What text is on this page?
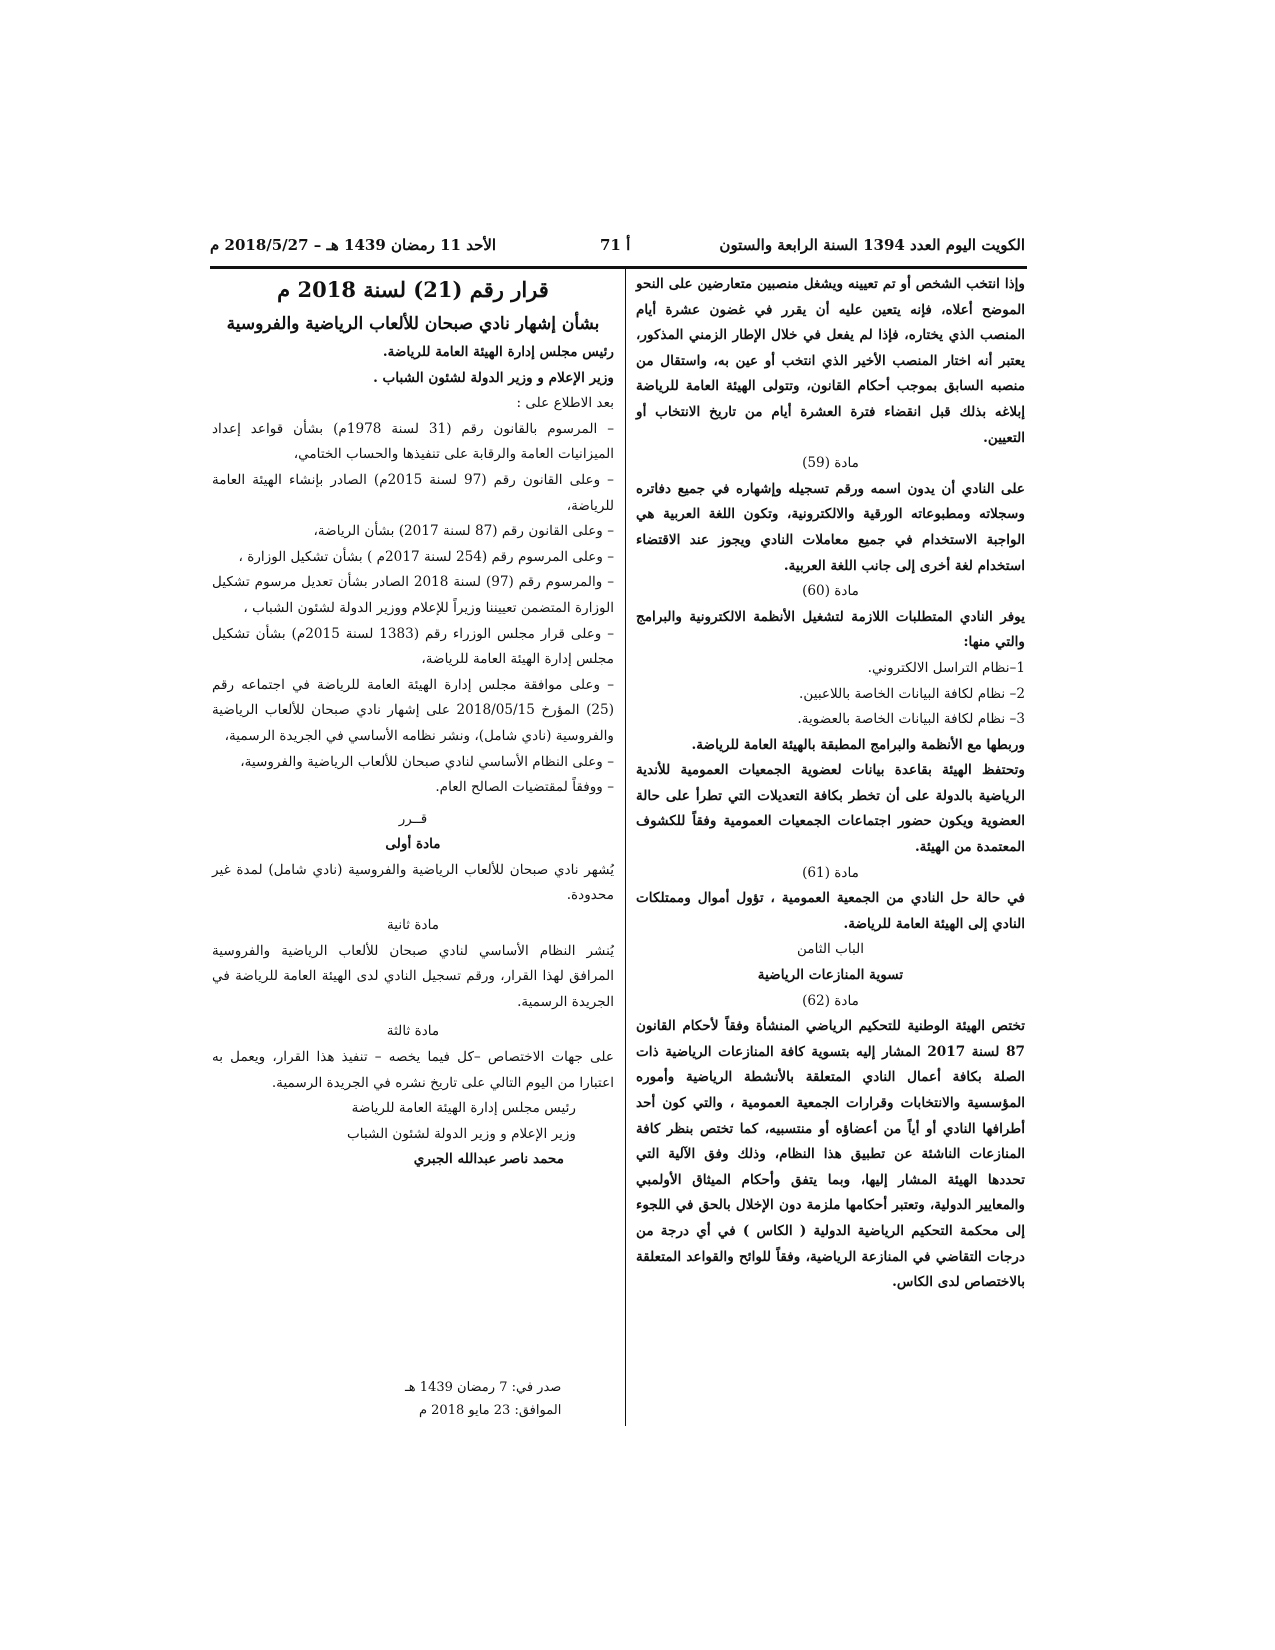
الكويت اليوم العدد 1394 السنة الرابعة والستون
أ 71
الأحد 11 رمضان 1439 هـ – 2018/5/27 م

وإذا انتخب الشخص أو تم تعيينه ويشغل منصبين متعارضين على النحو الموضح أعلاه، فإنه يتعين عليه أن يقرر في غضون عشرة أيام المنصب الذي يختاره، فإذا لم يفعل في خلال الإطار الزمني المذكور، يعتبر أنه اختار المنصب الأخير الذي انتخب أو عين به، واستقال من منصبه السابق بموجب أحكام القانون، وتتولى الهيئة العامة للرياضة إبلاغه بذلك قبل انقضاء فترة العشرة أيام من تاريخ الانتخاب أو التعيين.

مادة (59)

على النادي أن يدون اسمه ورقم تسجيله وإشهاره في جميع دفاتره وسجلاته ومطبوعاته الورقية والالكترونية، وتكون اللغة العربية هي الواجبة الاستخدام في جميع معاملات النادي ويجوز عند الاقتضاء استخدام لغة أخرى إلى جانب اللغة العربية.

مادة (60)

يوفر النادي المتطلبات اللازمة لتشغيل الأنظمة الالكترونية والبرامج والتي منها:

1–نظام التراسل الالكتروني.
2– نظام لكافة البيانات الخاصة باللاعبين.
3– نظام لكافة البيانات الخاصة بالعضوية.

وربطها مع الأنظمة والبرامج المطبقة بالهيئة العامة للرياضة.

وتحتفظ الهيئة بقاعدة بيانات لعضوية الجمعيات العمومية للأندية الرياضية بالدولة على أن تخطر بكافة التعديلات التي تطرأ على حالة العضوية ويكون حضور اجتماعات الجمعيات العمومية وفقاً للكشوف المعتمدة من الهيئة.

مادة (61)

في حالة حل النادي من الجمعية العمومية ، تؤول أموال وممتلكات النادي إلى الهيئة العامة للرياضة.

الباب الثامن

تسوية المنازعات الرياضية

مادة (62)

تختص الهيئة الوطنية للتحكيم الرياضي المنشأة وفقاً لأحكام القانون 87 لسنة 2017 المشار إليه بتسوية كافة المنازعات الرياضية ذات الصلة بكافة أعمال النادي المتعلقة بالأنشطة الرياضية وأموره المؤسسية والانتخابات وقرارات الجمعية العمومية ، والتي كون أحد أطرافها النادي أو أياً من أعضاؤه أو منتسبيه، كما تختص بنظر كافة المنازعات الناشئة عن تطبيق هذا النظام، وذلك وفق الآلية التي تحددها الهيئة المشار إليها، وبما يتفق وأحكام الميثاق الأولمبي والمعايير الدولية، وتعتبر أحكامها ملزمة دون الإخلال بالحق في اللجوء إلى محكمة التحكيم الرياضية الدولية ( الكاس ) في أي درجة من درجات التقاضي في المنازعة الرياضية، وفقاً للوائح والقواعد المتعلقة بالاختصاص لدى الكاس.

قرار رقم (21) لسنة 2018 م

بشأن إشهار نادي صبحان للألعاب الرياضية والفروسية

رئيس مجلس إدارة الهيئة العامة للرياضة.

وزير الإعلام و وزير الدولة لشئون الشباب .

بعد الاطلاع على :

– المرسوم بالقانون رقم (31 لسنة 1978م) بشأن قواعد إعداد الميزانيات العامة والرقابة على تنفيذها والحساب الختامي،

– وعلى القانون رقم (97 لسنة 2015م) الصادر بإنشاء الهيئة العامة للرياضة،

– وعلى القانون رقم (87 لسنة 2017) بشأن الرياضة،

– وعلى المرسوم رقم (254 لسنة 2017م ) بشأن تشكيل الوزارة ،

– والمرسوم رقم (97) لسنة 2018 الصادر بشأن تعديل مرسوم تشكيل الوزارة المتضمن تعييننا وزيراً للإعلام ووزير الدولة لشئون الشباب ،

– وعلى قرار مجلس الوزراء رقم (1383 لسنة 2015م) بشأن تشكيل مجلس إدارة الهيئة العامة للرياضة،

– وعلى موافقة مجلس إدارة الهيئة العامة للرياضة في اجتماعه رقم (25) المؤرخ 2018/05/15 على إشهار نادي صبحان للألعاب الرياضية والفروسية (نادي شامل)، ونشر نظامه الأساسي في الجريدة الرسمية،

– وعلى النظام الأساسي لنادي صبحان للألعاب الرياضية والفروسية،

– ووفقاً لمقتضيات الصالح العام.

قــرر

مادة أولى

يُشهر نادي صبحان للألعاب الرياضية والفروسية (نادي شامل) لمدة غير محدودة.

مادة ثانية

يُنشر النظام الأساسي لنادي صبحان للألعاب الرياضية والفروسية المرافق لهذا القرار، ورقم تسجيل النادي لدى الهيئة العامة للرياضة في الجريدة الرسمية.

مادة ثالثة

على جهات الاختصاص –كل فيما يخصه – تنفيذ هذا القرار، ويعمل به اعتبارا من اليوم التالي على تاريخ نشره في الجريدة الرسمية.

رئيس مجلس إدارة الهيئة العامة للرياضة

وزير الإعلام و وزير الدولة لشئون الشباب

محمد ناصر عبدالله الجبري

صدر في: 7 رمضان 1439 هـ
الموافق: 23 مايو 2018 م
